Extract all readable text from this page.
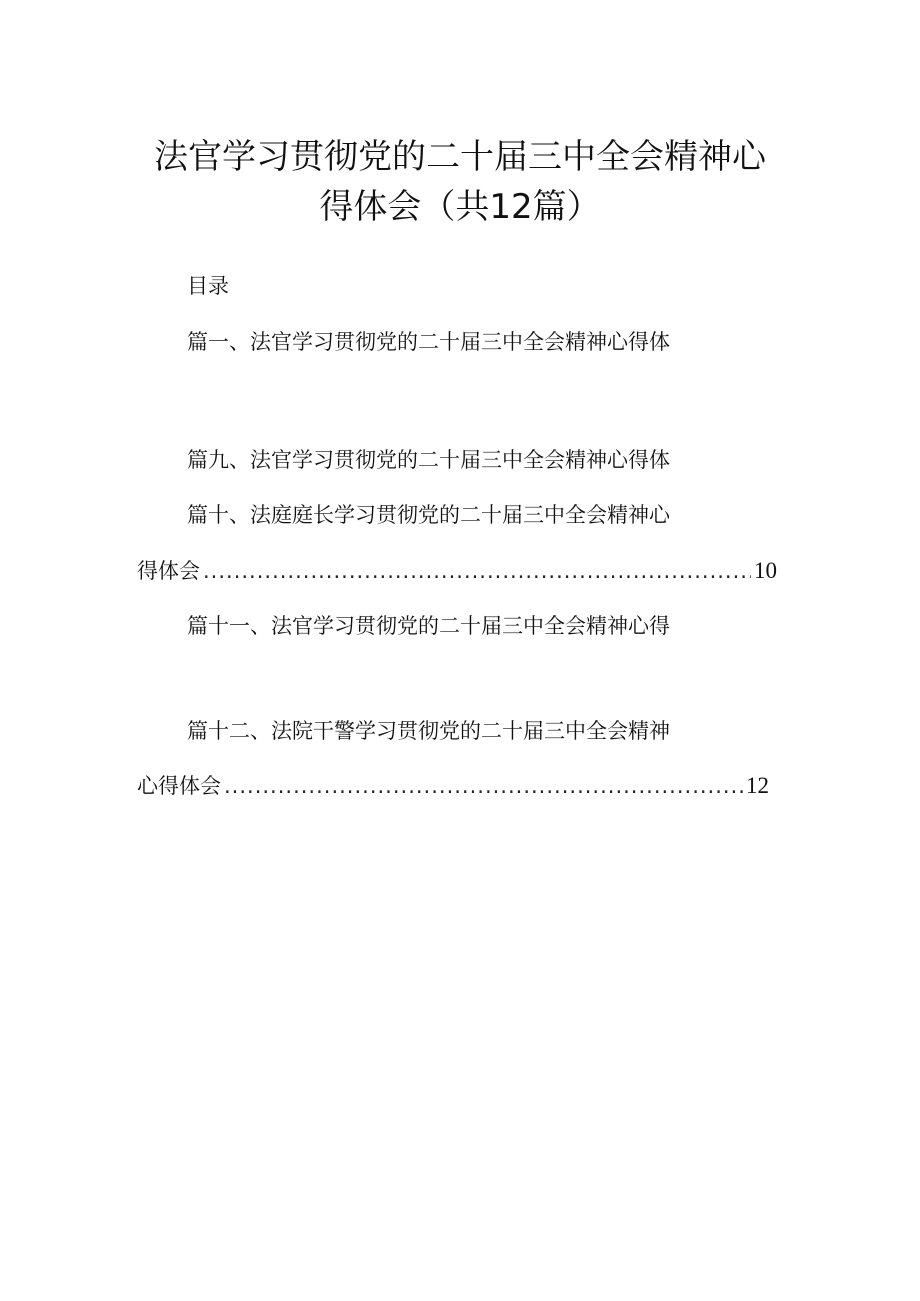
法官学习贯彻党的二十届三中全会精神心
得体会（共12篇）
目录
篇一、法官学习贯彻党的二十届三中全会精神心得体
篇九、法官学习贯彻党的二十届三中全会精神心得体
篇十、法庭庭长学习贯彻党的二十届三中全会精神心
得体会 .....	10
篇十一、法官学习贯彻党的二十届三中全会精神心得
篇十二、法院干警学习贯彻党的二十届三中全会精神
心得体会 .....	12
